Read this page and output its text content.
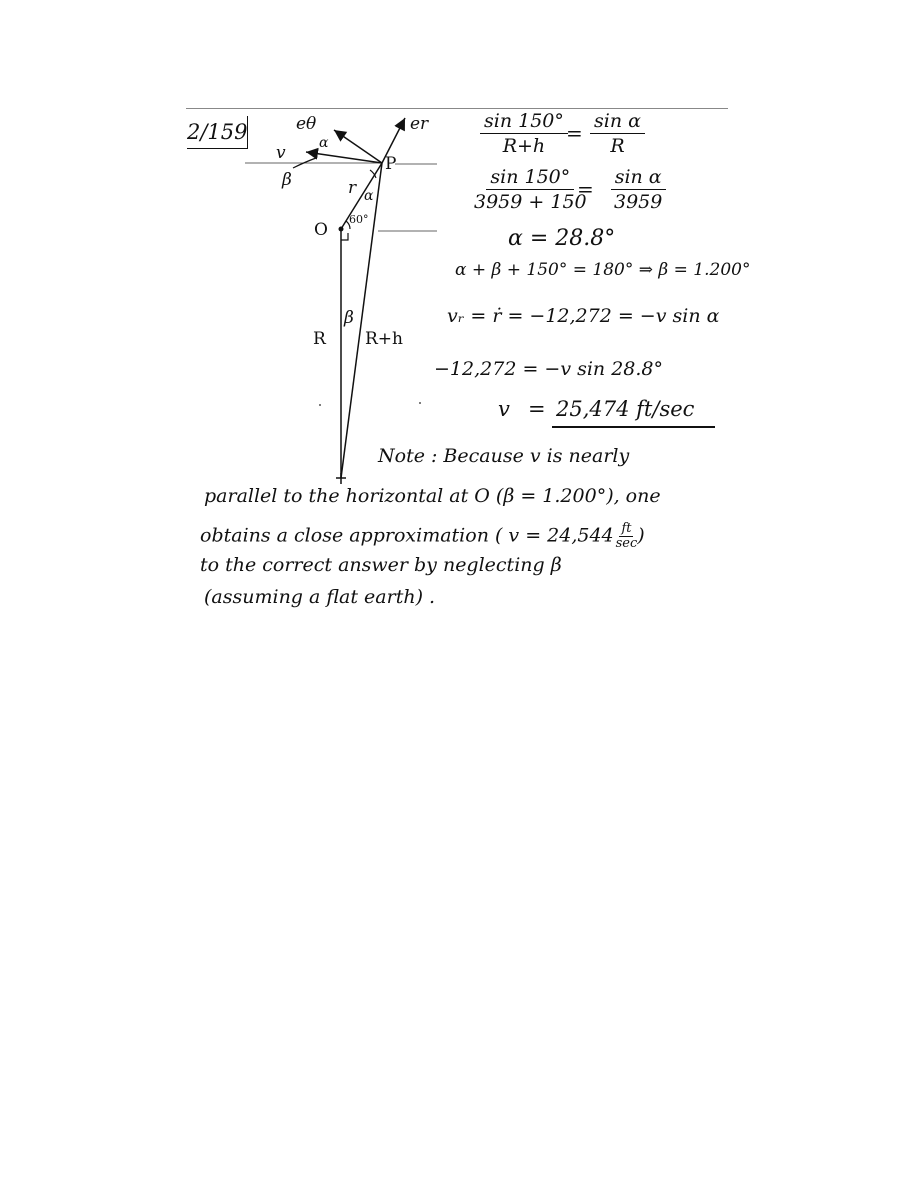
2/159	eθ	er
α
v
β
P
r α
O
60°
β
R R+h
$\frac{\sin 150^\circ}{R+h}$
= $\frac{\text{sin α}}{R}$
$\frac{\sin 150^\circ}{3959 + 150}$
= $\frac{\text{sin α}}{3959}$
α = 28.8°
α + β + 150° = 180° ⇒ β = 1.200°
vᵣ = ṙ = −12,272 = −v sin α
−12,272 = −v sin 28.8°
v = 25,474 ft/sec
Note : Because v is nearly
parallel to the horizontal at O (β = 1.200°), one
obtains a close approximation ( v = 24,544 ft
sec )
to the correct answer by neglecting β
(assuming a flat earth) .
